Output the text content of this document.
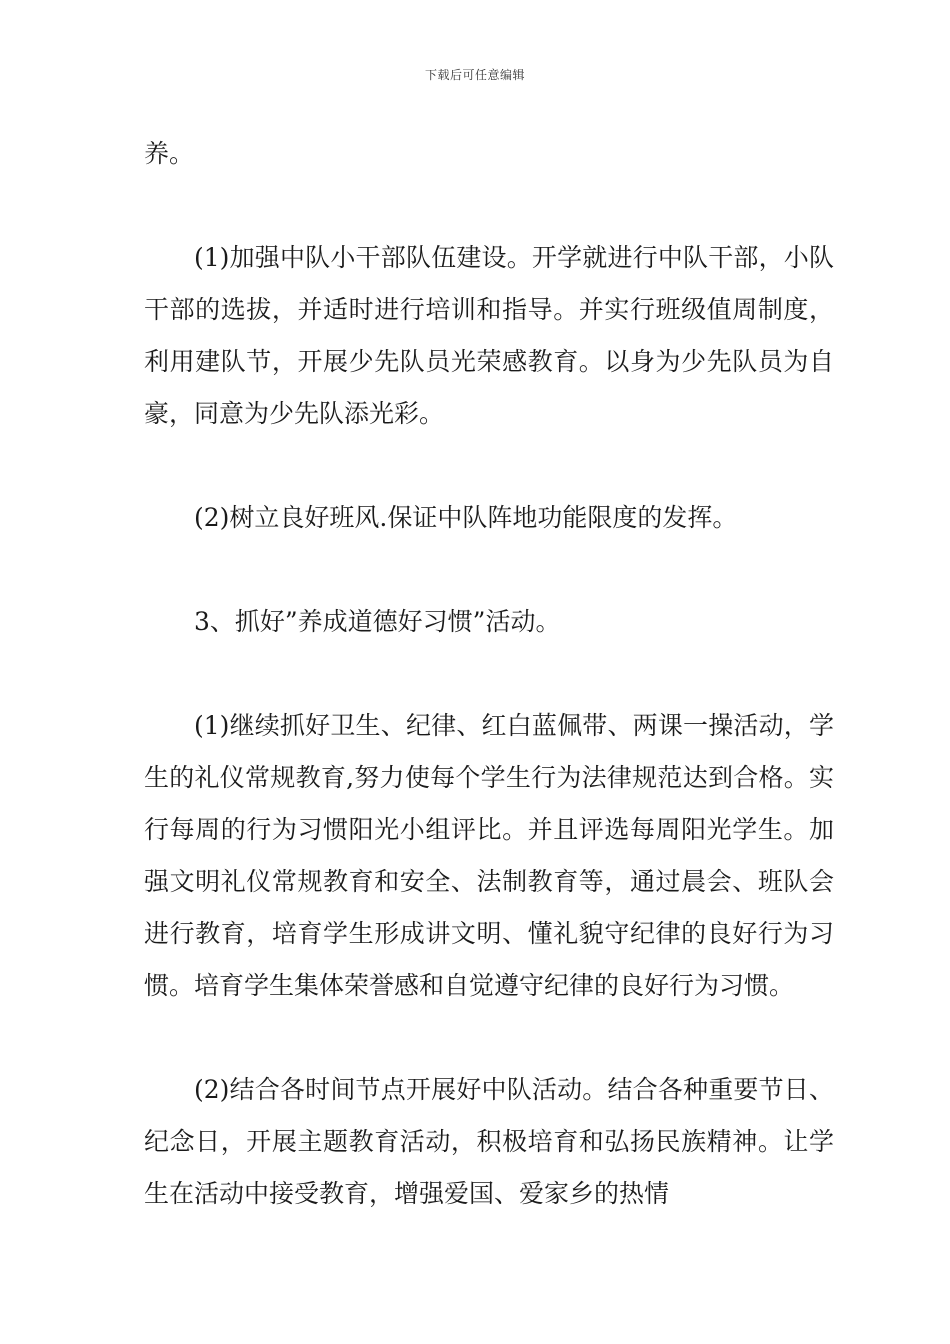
下载后可任意编辑

养。

(1)加强中队小干部队伍建设。开学就进行中队干部，小队干部的选拔，并适时进行培训和指导。并实行班级值周制度，利用建队节，开展少先队员光荣感教育。以身为少先队员为自豪，同意为少先队添光彩。

(2)树立良好班风.保证中队阵地功能限度的发挥。

3、抓好”养成道德好习惯”活动。

(1)继续抓好卫生、纪律、红白蓝佩带、两课一操活动，学生的礼仪常规教育,努力使每个学生行为法律规范达到合格。实行每周的行为习惯阳光小组评比。并且评选每周阳光学生。加强文明礼仪常规教育和安全、法制教育等，通过晨会、班队会进行教育，培育学生形成讲文明、懂礼貌守纪律的良好行为习惯。培育学生集体荣誉感和自觉遵守纪律的良好行为习惯。

(2)结合各时间节点开展好中队活动。结合各种重要节日、纪念日，开展主题教育活动，积极培育和弘扬民族精神。让学生在活动中接受教育，增强爱国、爱家乡的热情
